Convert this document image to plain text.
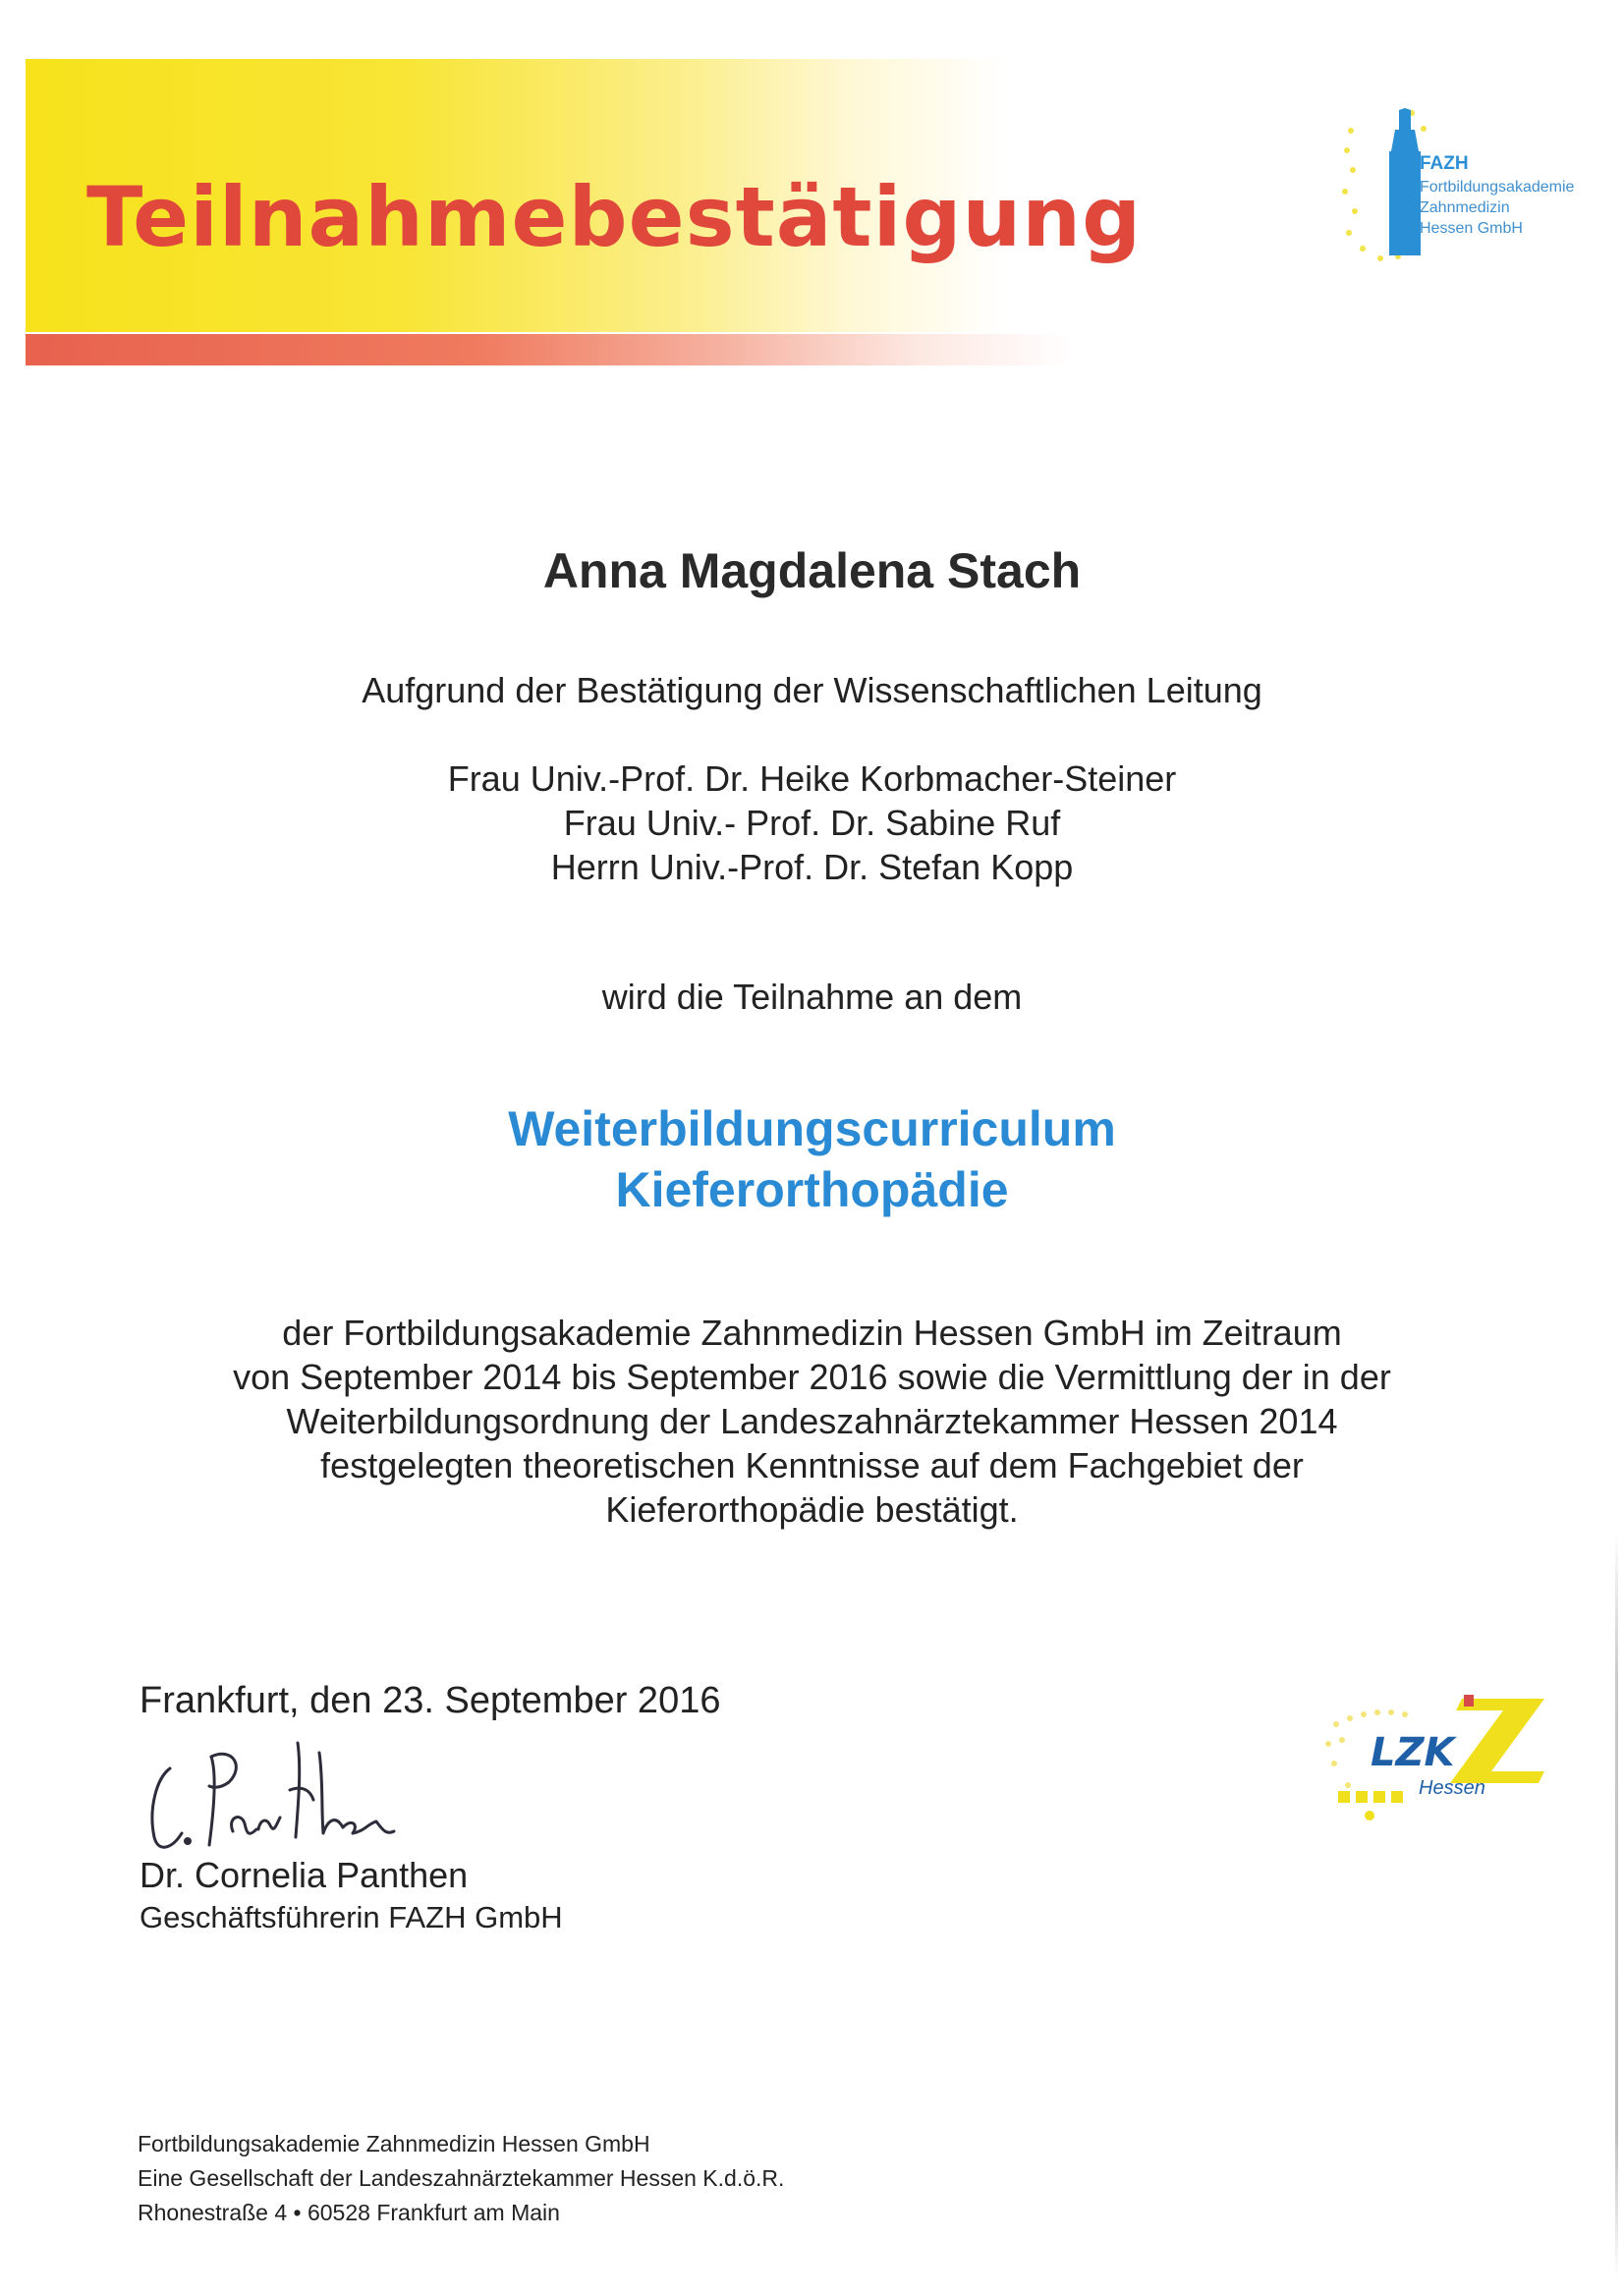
Teilnahmebestätigung
FAZH
Fortbildungsakademie
Zahnmedizin
Hessen GmbH
Anna Magdalena Stach
Aufgrund der Bestätigung der Wissenschaftlichen Leitung
Frau Univ.-Prof. Dr. Heike Korbmacher-Steiner
Frau Univ.- Prof. Dr. Sabine Ruf
Herrn Univ.-Prof. Dr. Stefan Kopp
wird die Teilnahme an dem
Weiterbildungscurriculum
Kieferorthopädie
der Fortbildungsakademie Zahnmedizin Hessen GmbH im Zeitraum
von September 2014 bis September 2016 sowie die Vermittlung der in der
Weiterbildungsordnung der Landeszahnärztekammer Hessen 2014
festgelegten theoretischen Kenntnisse auf dem Fachgebiet der
Kieferorthopädie bestätigt.
Frankfurt, den 23. September 2016
Dr. Cornelia Panthen
Geschäftsführerin FAZH GmbH
LZK
Hessen
Fortbildungsakademie Zahnmedizin Hessen GmbH
Eine Gesellschaft der Landeszahnärztekammer Hessen K.d.ö.R.
Rhonestraße 4 • 60528 Frankfurt am Main
